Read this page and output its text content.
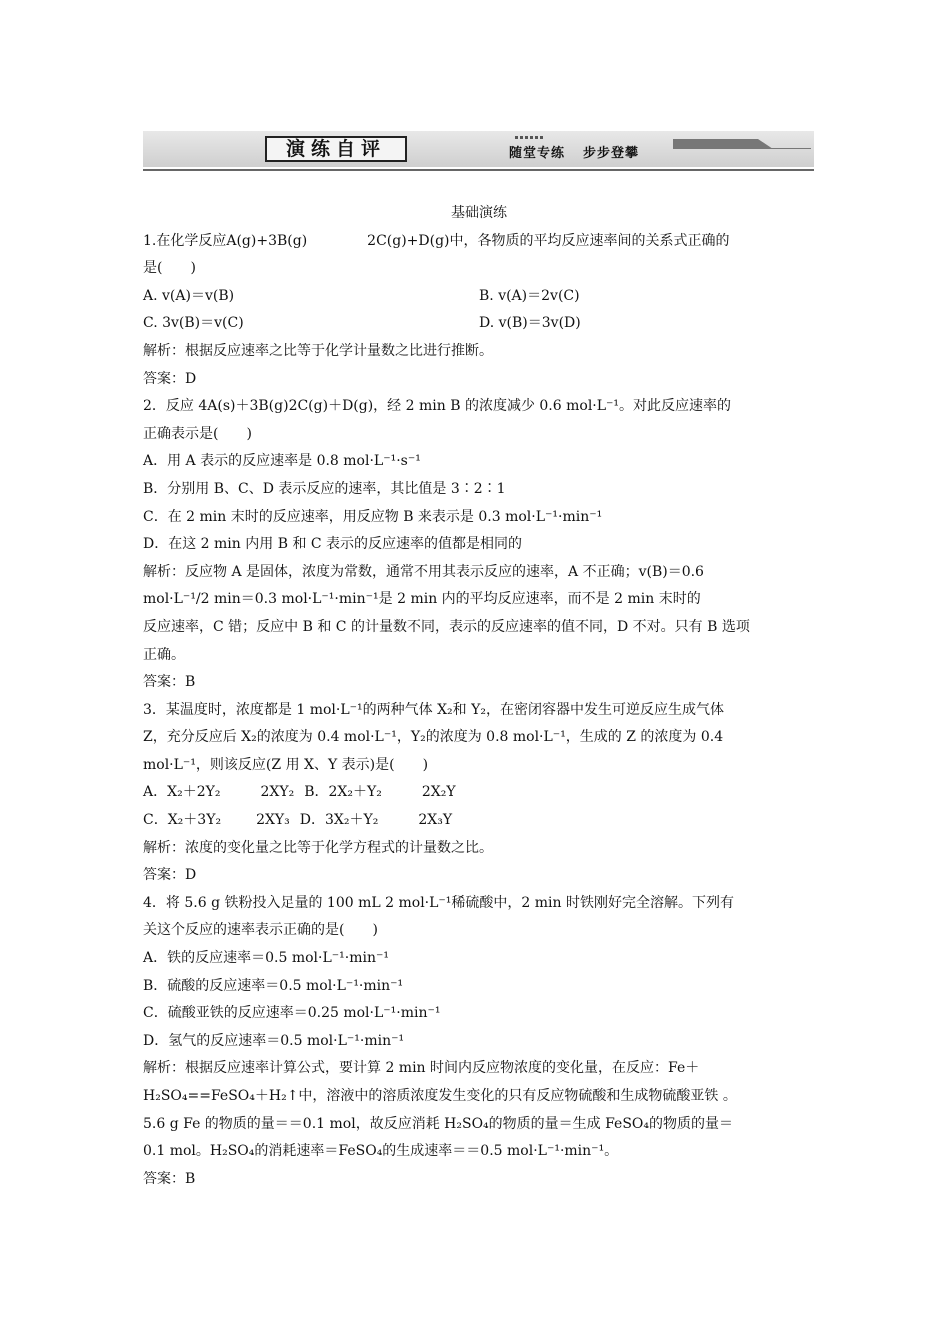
演练自评	随堂专练 步步登攀
基础演练
1.在化学反应A(g)+3B(g)	2C(g)+D(g)中，各物质的平均反应速率间的关系式正确的
是(　　)
A. v(A)＝v(B)	B. v(A)＝2v(C)
C. 3v(B)＝v(C)	D. v(B)＝3v(D)
解析：根据反应速率之比等于化学计量数之比进行推断。
答案：D
2．反应 4A(s)＋3B(g)2C(g)＋D(g)，经 2 min B 的浓度减少 0.6 mol·L⁻¹。对此反应速率的
正确表示是(　　)
A．用 A 表示的反应速率是 0.8 mol·L⁻¹·s⁻¹
B．分别用 B、C、D 表示反应的速率，其比值是 3∶2∶1
C．在 2 min 末时的反应速率，用反应物 B 来表示是 0.3 mol·L⁻¹·min⁻¹
D．在这 2 min 内用 B 和 C 表示的反应速率的值都是相同的
解析：反应物 A 是固体，浓度为常数，通常不用其表示反应的速率，A 不正确；v(B)＝0.6
mol·L⁻¹/2 min＝0.3 mol·L⁻¹·min⁻¹是 2 min 内的平均反应速率，而不是 2 min 末时的
反应速率，C 错；反应中 B 和 C 的计量数不同，表示的反应速率的值不同，D 不对。只有 B 选项
正确。
答案：B
3．某温度时，浓度都是 1 mol·L⁻¹的两种气体 X₂和 Y₂，在密闭容器中发生可逆反应生成气体
Z，充分反应后 X₂的浓度为 0.4 mol·L⁻¹，Y₂的浓度为 0.8 mol·L⁻¹，生成的 Z 的浓度为 0.4
mol·L⁻¹，则该反应(Z 用 X、Y 表示)是(　　)
A．X₂＋2Y₂	2XY₂ B．2X₂＋Y₂	2X₂Y
C．X₂＋3Y₂	2XY₃ D．3X₂＋Y₂	2X₃Y
解析：浓度的变化量之比等于化学方程式的计量数之比。
答案：D
4．将 5.6 g 铁粉投入足量的 100 mL 2 mol·L⁻¹稀硫酸中，2 min 时铁刚好完全溶解。下列有
关这个反应的速率表示正确的是(　　)
A．铁的反应速率＝0.5 mol·L⁻¹·min⁻¹
B．硫酸的反应速率＝0.5 mol·L⁻¹·min⁻¹
C．硫酸亚铁的反应速率＝0.25 mol·L⁻¹·min⁻¹
D．氢气的反应速率＝0.5 mol·L⁻¹·min⁻¹
解析：根据反应速率计算公式，要计算 2 min 时间内反应物浓度的变化量，在反应：Fe＋
H₂SO₄==FeSO₄＋H₂↑中，溶液中的溶质浓度发生变化的只有反应物硫酸和生成物硫酸亚铁 。
5.6 g Fe 的物质的量＝＝0.1 mol，故反应消耗 H₂SO₄的物质的量＝生成 FeSO₄的物质的量＝
0.1 mol。H₂SO₄的消耗速率＝FeSO₄的生成速率＝＝0.5 mol·L⁻¹·min⁻¹。
答案：B
